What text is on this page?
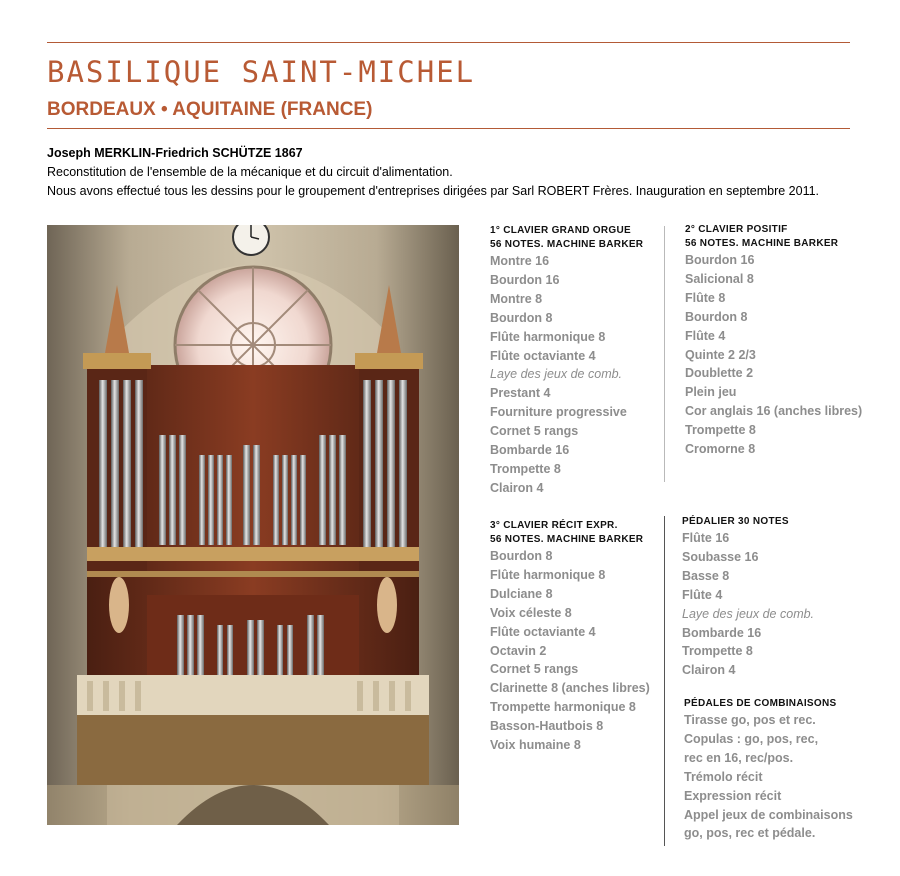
BASILIQUE SAINT-MICHEL
BORDEAUX • AQUITAINE (FRANCE)
Joseph MERKLIN-Friedrich SCHÜTZE 1867
Reconstitution de l'ensemble de la mécanique et du circuit d'alimentation.
Nous avons effectué tous les dessins pour le groupement d'entreprises dirigées par Sarl ROBERT Frères. Inauguration en septembre 2011.
1° CLAVIER GRAND ORGUE
56 NOTES. MACHINE BARKER
Montre 16
Bourdon 16
Montre 8
Bourdon 8
Flûte harmonique 8
Flûte octaviante 4
Laye des jeux de comb.
Prestant 4
Fourniture progressive
Cornet 5 rangs
Bombarde 16
Trompette 8
Clairon 4
2° CLAVIER POSITIF
56 NOTES. MACHINE BARKER
Bourdon 16
Salicional 8
Flûte 8
Bourdon 8
Flûte 4
Quinte 2 2/3
Doublette 2
Plein jeu
Cor anglais 16 (anches libres)
Trompette 8
Cromorne 8
3° CLAVIER RÉCIT EXPR.
56 NOTES. MACHINE BARKER
Bourdon 8
Flûte harmonique 8
Dulciane 8
Voix céleste 8
Flûte octaviante 4
Octavin 2
Cornet 5 rangs
Clarinette 8 (anches libres)
Trompette harmonique 8
Basson-Hautbois 8
Voix humaine 8
PÉDALIER 30 NOTES
Flûte 16
Soubasse 16
Basse 8
Flûte 4
Laye des jeux de comb.
Bombarde 16
Trompette 8
Clairon 4
PÉDALES DE COMBINAISONS
Tirasse go, pos et rec.
Copulas : go, pos, rec,
rec en 16, rec/pos.
Trémolo récit
Expression récit
Appel jeux de combinaisons
go, pos, rec et pédale.
